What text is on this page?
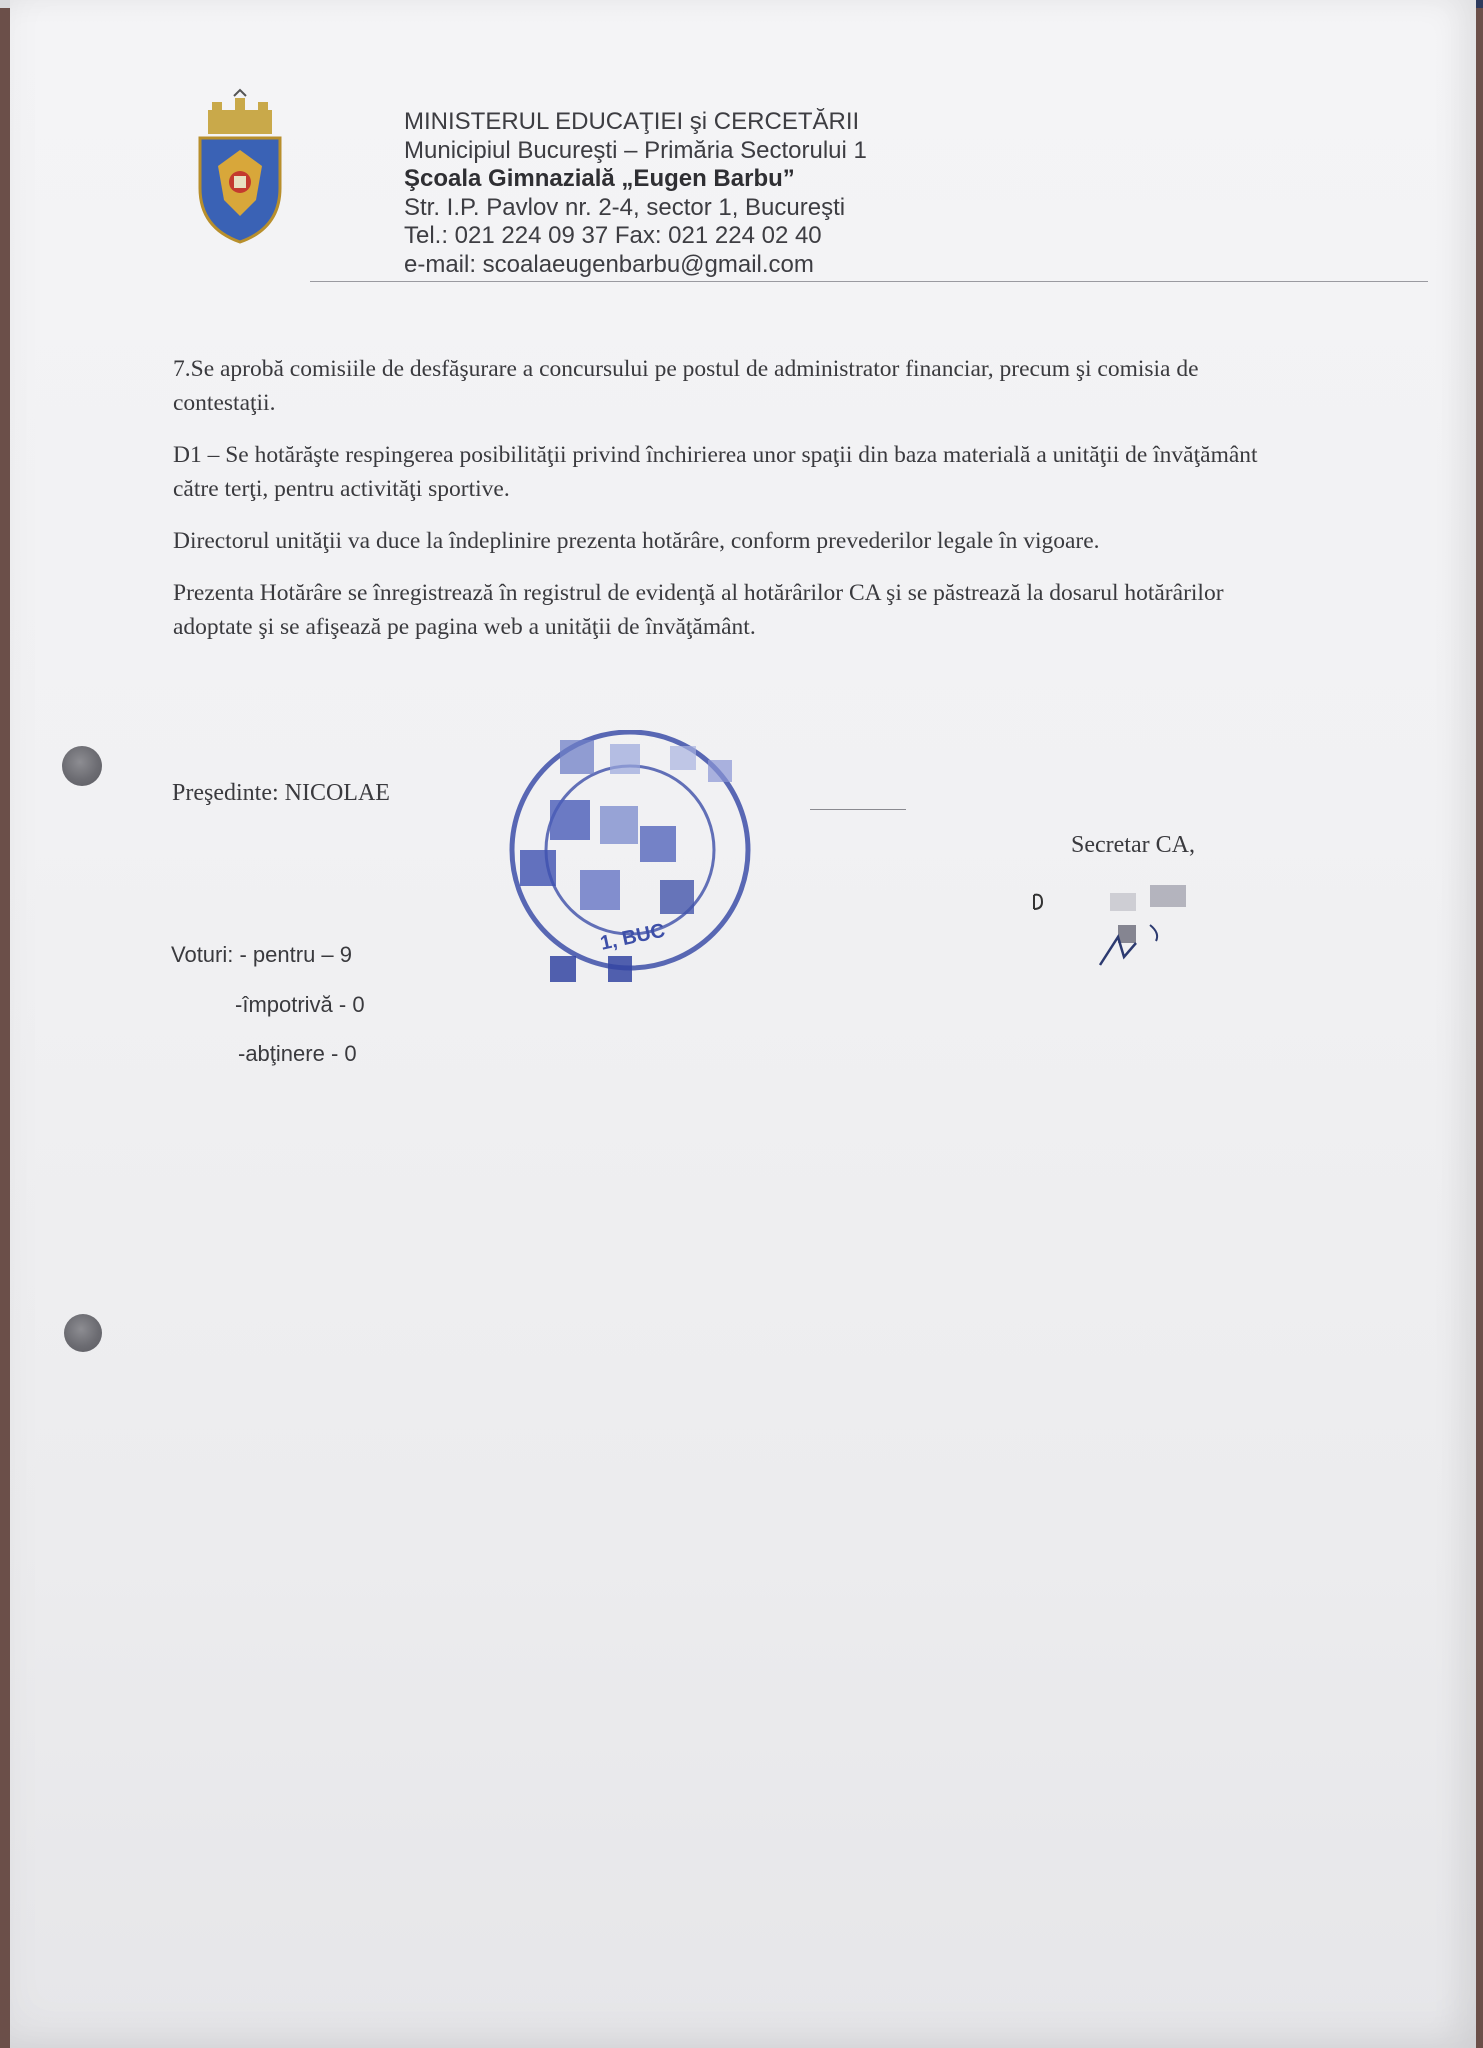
MINISTERUL EDUCAŢIEI şi CERCETĂRII
Municipiul Bucureşti – Primăria Sectorului 1
Şcoala Gimnazială „Eugen Barbu”
Str. I.P. Pavlov nr. 2-4, sector 1, Bucureşti
Tel.: 021 224 09 37 Fax: 021 224 02 40
e-mail: scoalaeugenbarbu@gmail.com

7.Se aprobă comisiile de desfăşurare a concursului pe postul de administrator financiar, precum şi comisia de contestaţii.

D1 – Se hotărăşte respingerea posibilităţii privind închirierea unor spaţii din baza materială a unităţii de învăţământ către terţi, pentru activităţi sportive.

Directorul unităţii va duce la îndeplinire prezenta hotărâre, conform prevederilor legale în vigoare.

Prezenta Hotărâre se înregistrează în registrul de evidenţă al hotărârilor CA şi se păstrează la dosarul hotărârilor adoptate şi se afişează pe pagina web a unităţii de învăţământ.

Preşedinte: NICOLAE
1, BUC
Secretar CA,
Voturi: - pentru – 9
-împotrivă - 0
-abţinere - 0
